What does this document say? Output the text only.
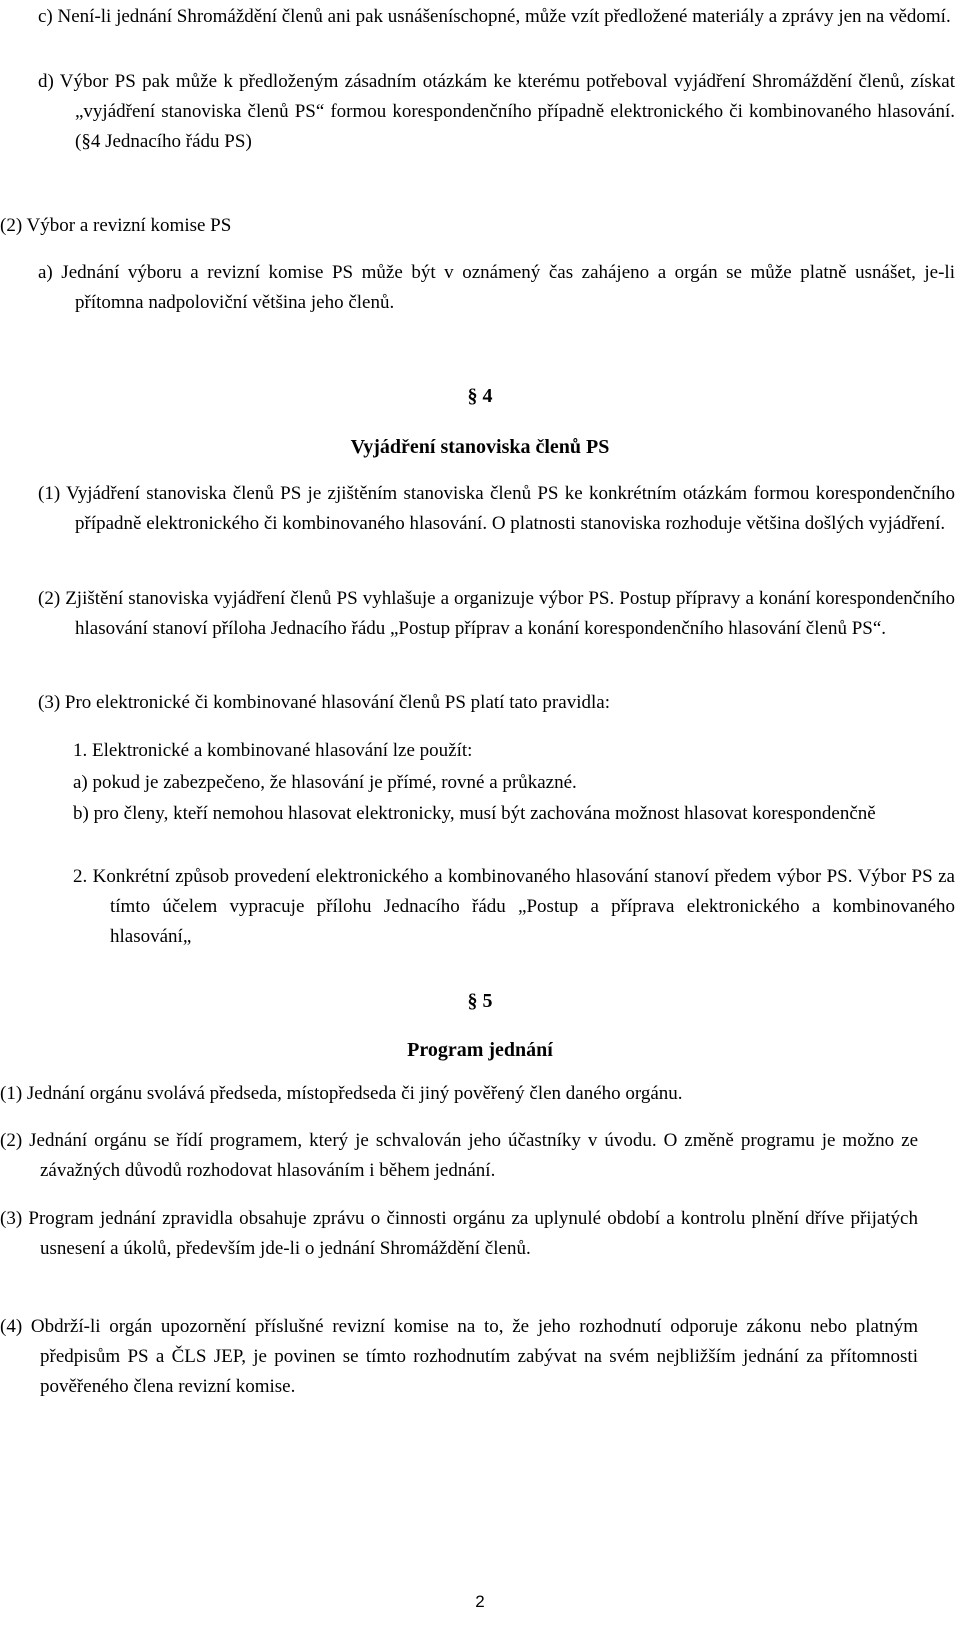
c) Není-li jednání Shromáždění členů ani pak usnášeníschopné, může vzít předložené materiály a zprávy jen na vědomí.
d) Výbor PS pak může k předloženým zásadním otázkám ke kterému potřeboval vyjádření Shromáždění členů, získat „vyjádření stanoviska členů PS“ formou korespondenčního případně elektronického či kombinovaného hlasování. (§4 Jednacího řádu PS)
(2) Výbor a revizní komise PS
a) Jednání výboru a revizní komise PS může být v oznámený čas zahájeno a orgán se může platně usnášet, je-li přítomna nadpoloviční většina jeho členů.
§ 4
Vyjádření stanoviska členů PS
(1) Vyjádření stanoviska členů PS je zjištěním stanoviska členů PS ke konkrétním otázkám formou korespondenčního případně elektronického či kombinovaného hlasování. O platnosti stanoviska rozhoduje většina došlých vyjádření.
(2) Zjištění stanoviska vyjádření členů PS vyhlašuje a organizuje výbor PS. Postup přípravy a konání korespondenčního hlasování stanoví příloha Jednacího řádu „Postup příprav a konání korespondenčního hlasování členů PS“.
(3) Pro elektronické či kombinované hlasování členů PS platí tato pravidla:
1. Elektronické a kombinované hlasování lze použít:
a) pokud je zabezpečeno, že hlasování je přímé, rovné a průkazné.
b) pro členy, kteří nemohou hlasovat elektronicky, musí být zachována možnost hlasovat korespondenčně
2. Konkrétní způsob provedení elektronického a kombinovaného hlasování stanoví předem výbor PS. Výbor PS za tímto účelem vypracuje přílohu Jednacího řádu „Postup a příprava elektronického a kombinovaného hlasování„
§ 5
Program jednání
(1) Jednání orgánu svolává předseda, místopředseda či jiný pověřený člen daného orgánu.
(2) Jednání orgánu se řídí programem, který je schvalován jeho účastníky v úvodu. O změně programu je možno ze závažných důvodů rozhodovat hlasováním i během jednání.
(3) Program jednání zpravidla obsahuje zprávu o činnosti orgánu za uplynulé období a kontrolu plnění dříve přijatých usnesení a úkolů, především jde-li o jednání Shromáždění členů.
(4) Obdrží-li orgán upozornění příslušné revizní komise na to, že jeho rozhodnutí odporuje zákonu nebo platným předpisům PS a ČLS JEP, je povinen se tímto rozhodnutím zabývat na svém nejbližším jednání za přítomnosti pověřeného člena revizní komise.
2
